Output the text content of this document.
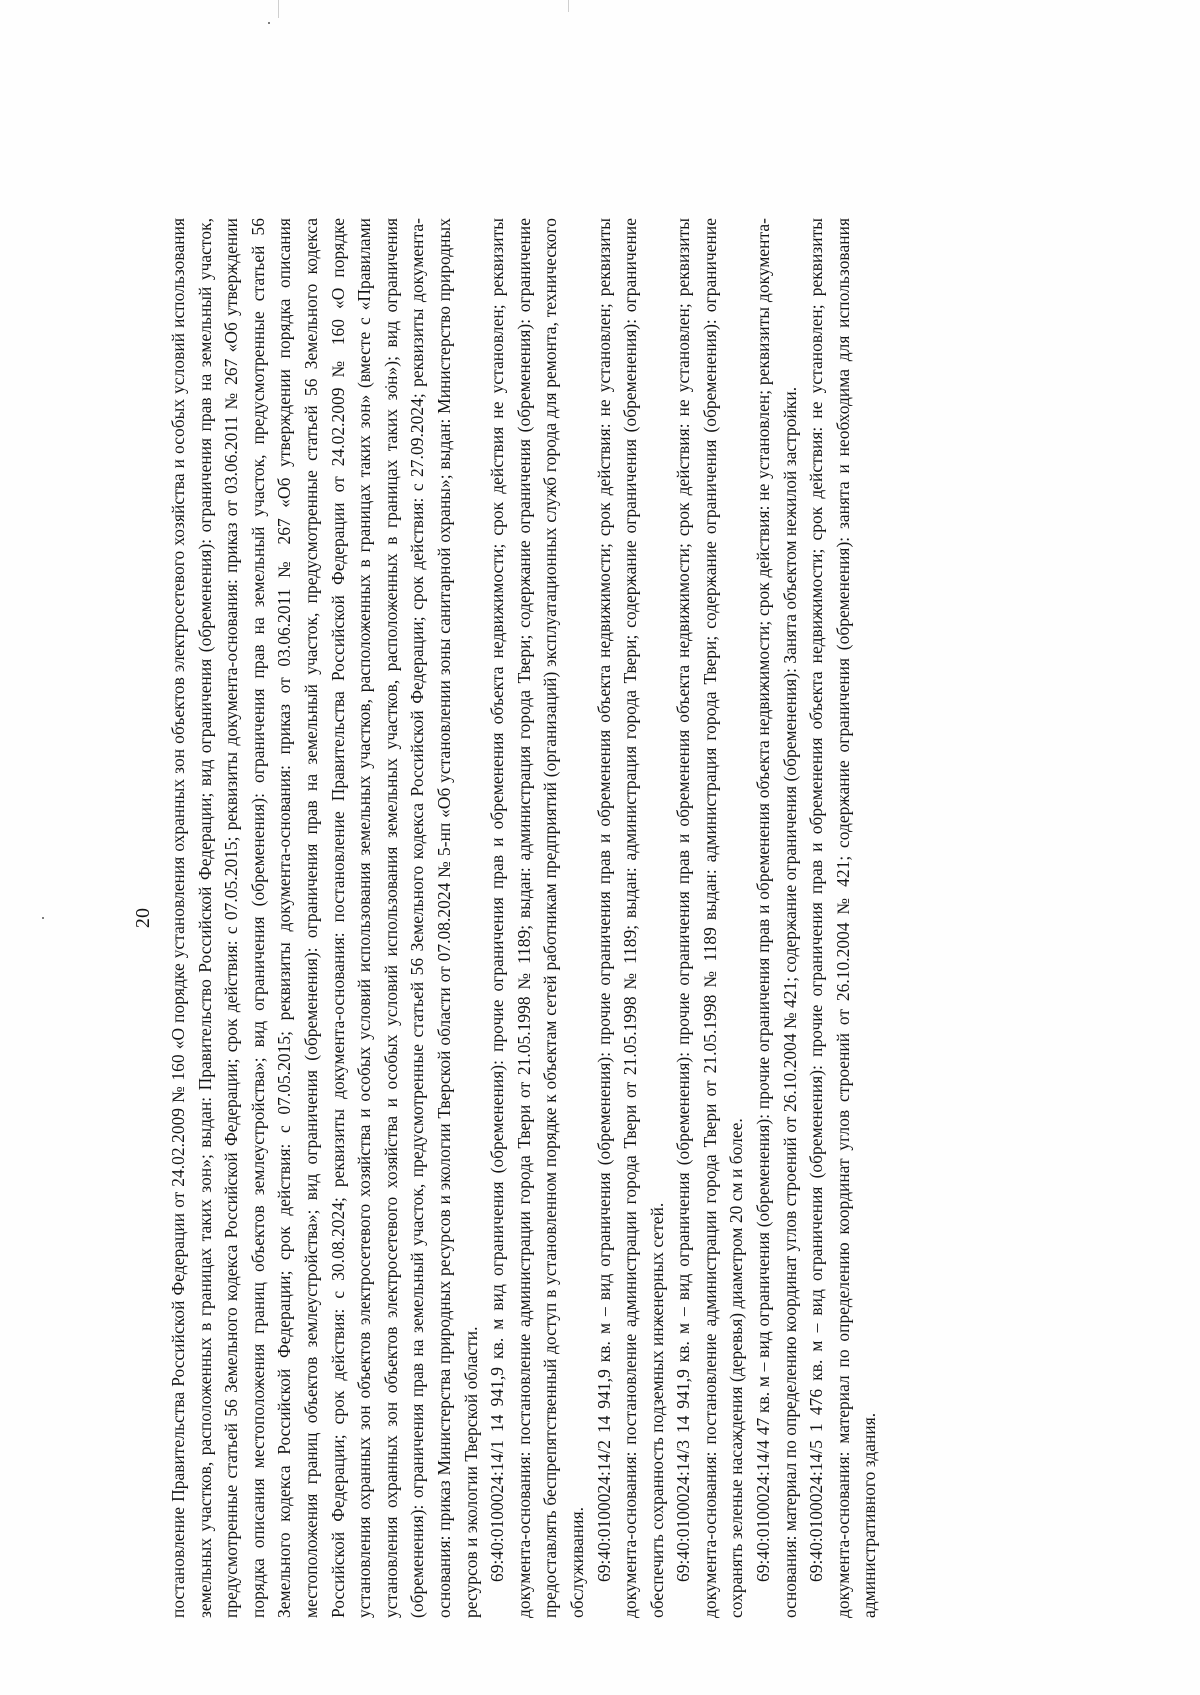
20 постановление Правительства Российской Федерации от 24.02.2009 № 160 «О порядке установления охранных зон объектов электросетевого хозяйства и особых условий использования земельных участков, расположенных в границах таких зон»; выдан: Правительство Российской Федерации; вид ограничения (обременения): ограничения прав на земельный участок, предусмотренные статьей 56 Земельного кодекса Российской Федерации; срок действия: с 07.05.2015; реквизиты документа-основания: приказ от 03.06.2011 № 267 «Об утверждении порядка описания местоположения границ объектов землеустройства»; вид ограничения (обременения): ограничения прав на земельный участок, предусмотренные статьей 56 Земельного кодекса Российской Федерации; срок действия: с 07.05.2015; реквизиты документа-основания: приказ от 03.06.2011 № 267 «Об утверждении порядка описания местоположения границ объектов землеустройства»; вид ограничения (обременения): ограничения прав на земельный участок, предусмотренные статьей 56 Земельного кодекса Российской Федерации; срок действия: с 30.08.2024; реквизиты документа-основания: постановление Правительства Российской Федерации от 24.02.2009 № 160 «О порядке установления охранных зон объектов электросетевого хозяйства и особых условий использования земельных участков, расположенных в границах таких зон» (вместе с «Правилами установления охранных зон объектов электросетевого хозяйства и особых условий использования земельных участков, расположенных в границах таких зон»); вид ограничения (обременения): ограничения прав на земельный участок, предусмотренные статьей 56 Земельного кодекса Российской Федерации; срок действия: с 27.09.2024; реквизиты документа-основания: приказ Министерства природных ресурсов и экологии Тверской области от 07.08.2024 № 5-нп «Об установлении зоны санитарной охраны»; выдан: Министерство природных ресурсов и экологии Тверской области. 69:40:0100024:14/1 14 941,9 кв. м вид ограничения (обременения): прочие ограничения прав и обременения объекта недвижимости; срок действия не установлен; реквизиты документа-основания: постановление администрации города Твери от 21.05.1998 № 1189; выдан: администрация города Твери; содержание ограничения (обременения): ограничение предоставлять беспрепятственный доступ в установленном порядке к объектам сетей работникам предприятий (организаций) эксплуатационных служб города для ремонта, технического обслуживания. 69:40:0100024:14/2 14 941,9 кв. м – вид ограничения (обременения): прочие ограничения прав и обременения объекта недвижимости; срок действия: не установлен; реквизиты документа-основания: постановление администрации города Твери от 21.05.1998 № 1189; выдан: администрация города Твери; содержание ограничения (обременения): ограничение обеспечить сохранность подземных инженерных сетей. 69:40:0100024:14/3 14 941,9 кв. м – вид ограничения (обременения): прочие ограничения прав и обременения объекта недвижимости; срок действия: не установлен; реквизиты документа-основания: постановление администрации города Твери от 21.05.1998 № 1189 выдан: администрация города Твери; содержание ограничения (обременения): ограничение сохранять зеленые насаждения (деревья) диаметром 20 см и более. 69:40:0100024:14/4 47 кв. м – вид ограничения (обременения): прочие ограничения прав и обременения объекта недвижимости; срок действия: не установлен; реквизиты документа-основания: материал по определению координат углов строений от 26.10.2004 № 421; содержание ограничения (обременения): Занята объектом нежилой застройки. 69:40:0100024:14/5 1 476 кв. м – вид ограничения (обременения): прочие ограничения прав и обременения объекта недвижимости; срок действия: не установлен; реквизиты документа-основания: материал по определению координат углов строений от 26.10.2004 № 421; содержание ограничения (обременения): занята и необходима для использования административного здания.
